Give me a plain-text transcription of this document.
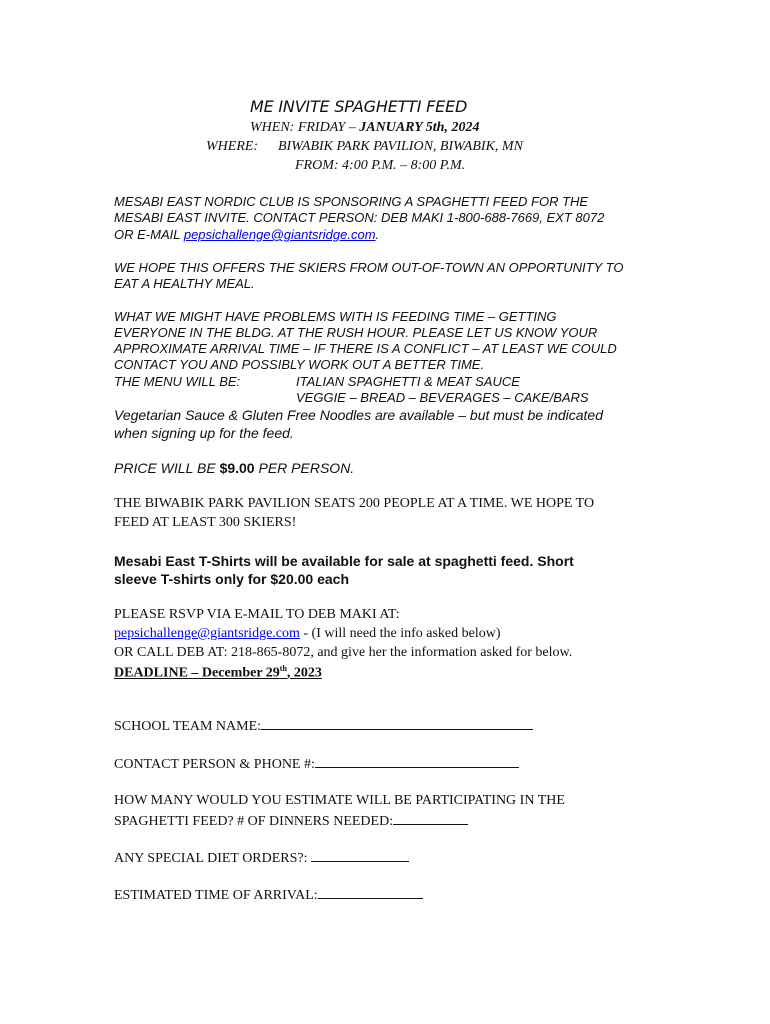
ME INVITE SPAGHETTI FEED
WHEN: FRIDAY – JANUARY 5th, 2024
WHERE: BIWABIK PARK PAVILION, BIWABIK, MN
FROM: 4:00 P.M. – 8:00 P.M.
MESABI EAST NORDIC CLUB IS SPONSORING A SPAGHETTI FEED FOR THE
MESABI EAST INVITE. CONTACT PERSON: DEB MAKI 1-800-688-7669, EXT 8072
OR E-MAIL pepsichallenge@giantsridge.com.
WE HOPE THIS OFFERS THE SKIERS FROM OUT-OF-TOWN AN OPPORTUNITY TO
EAT A HEALTHY MEAL.
WHAT WE MIGHT HAVE PROBLEMS WITH IS FEEDING TIME – GETTING
EVERYONE IN THE BLDG. AT THE RUSH HOUR. PLEASE LET US KNOW YOUR
APPROXIMATE ARRIVAL TIME – IF THERE IS A CONFLICT – AT LEAST WE COULD
CONTACT YOU AND POSSIBLY WORK OUT A BETTER TIME.
THE MENU WILL BE:	ITALIAN SPAGHETTI & MEAT SAUCE
VEGGIE – BREAD – BEVERAGES – CAKE/BARS
Vegetarian Sauce & Gluten Free Noodles are available – but must be indicated
when signing up for the feed.
PRICE WILL BE $9.00 PER PERSON.
THE BIWABIK PARK PAVILION SEATS 200 PEOPLE AT A TIME. WE HOPE TO
FEED AT LEAST 300 SKIERS!
Mesabi East T-Shirts will be available for sale at spaghetti feed. Short
sleeve T-shirts only for $20.00 each
PLEASE RSVP VIA E-MAIL TO DEB MAKI AT:
pepsichallenge@giantsridge.com - (I will need the info asked below)
OR CALL DEB AT: 218-865-8072, and give her the information asked for below.
DEADLINE – December 29th, 2023
SCHOOL TEAM NAME:
CONTACT PERSON & PHONE #:
HOW MANY WOULD YOU ESTIMATE WILL BE PARTICIPATING IN THE
SPAGHETTI FEED? # OF DINNERS NEEDED:
ANY SPECIAL DIET ORDERS?:
ESTIMATED TIME OF ARRIVAL:
